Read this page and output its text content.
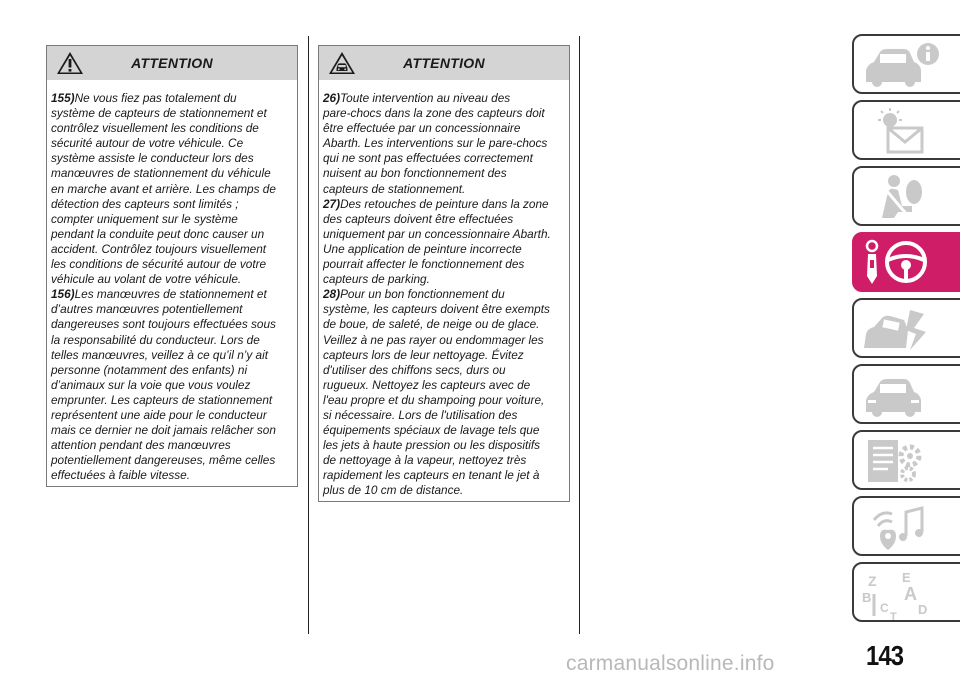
ATTENTION

155)Ne vous fiez pas totalement du
système de capteurs de stationnement et
contrôlez visuellement les conditions de
sécurité autour de votre véhicule. Ce
système assiste le conducteur lors des
manœuvres de stationnement du véhicule
en marche avant et arrière. Les champs de
détection des capteurs sont limités ;
compter uniquement sur le système
pendant la conduite peut donc causer un
accident. Contrôlez toujours visuellement
les conditions de sécurité autour de votre
véhicule au volant de votre véhicule.

156)Les manœuvres de stationnement et
d’autres manœuvres potentiellement
dangereuses sont toujours effectuées sous
la responsabilité du conducteur. Lors de
telles manœuvres, veillez à ce qu’il n’y ait
personne (notamment des enfants) ni
d’animaux sur la voie que vous voulez
emprunter. Les capteurs de stationnement
représentent une aide pour le conducteur
mais ce dernier ne doit jamais relâcher son
attention pendant des manœuvres
potentiellement dangereuses, même celles
effectuées à faible vitesse.

ATTENTION

26)Toute intervention au niveau des
pare-chocs dans la zone des capteurs doit
être effectuée par un concessionnaire
Abarth. Les interventions sur le pare-chocs
qui ne sont pas effectuées correctement
nuisent au bon fonctionnement des
capteurs de stationnement.

27)Des retouches de peinture dans la zone
des capteurs doivent être effectuées
uniquement par un concessionnaire Abarth.
Une application de peinture incorrecte
pourrait affecter le fonctionnement des
capteurs de parking.

28)Pour un bon fonctionnement du
système, les capteurs doivent être exempts
de boue, de saleté, de neige ou de glace.
Veillez à ne pas rayer ou endommager les
capteurs lors de leur nettoyage. Évitez
d'utiliser des chiffons secs, durs ou
rugueux. Nettoyez les capteurs avec de
l'eau propre et du shampoing pour voiture,
si nécessaire. Lors de l'utilisation des
équipements spéciaux de lavage tels que
les jets à haute pression ou les dispositifs
de nettoyage à la vapeur, nettoyez très
rapidement les capteurs en tenant le jet à
plus de 10 cm de distance.

Z E
B A
C D
T
143
carmanualsonline.info
